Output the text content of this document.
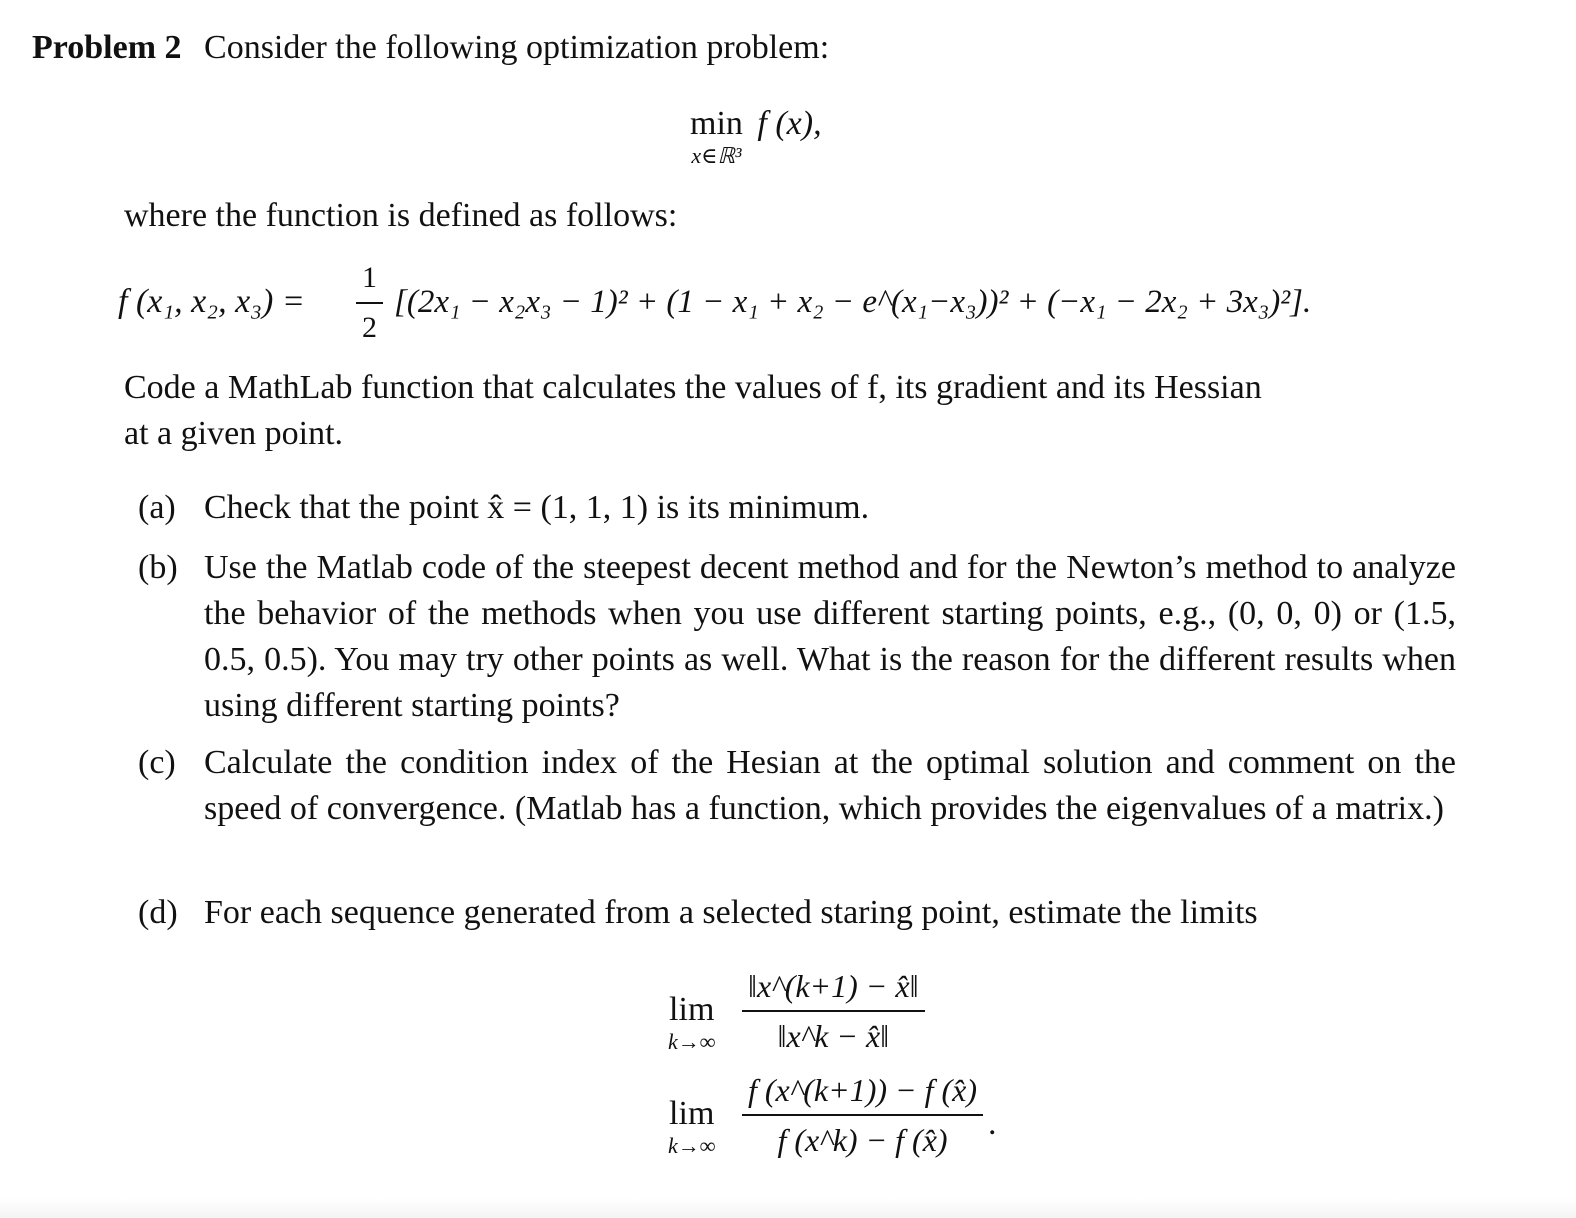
Problem 2 Consider the following optimization problem:
min
x∈ℝ³
f (x),
where the function is defined as follows:
f (x₁, x₂, $x_3) = \frac{1}{2} [(2x_1 - x_2x_3 - 1)^2 + (1 - x_1 + x_2$ − e^(x₁−x₃))² + (−x₁ − 2x₂ + 3x₃)²].
Code a MathLab function that calculates the values of f, its gradient and its Hessian
at a given point.
(a) Check that the point x̂ = (1, 1, 1) is its minimum.
(b) Use the Matlab code of the steepest decent method and for the Newton’s method to analyze the behavior of the methods when you use different starting points, e.g., (0, 0, 0) or (1.5, 0.5, 0.5). You may try other points as well. What is the reason for the different results when using different starting points?
(c) Calculate the condition index of the Hesian at the optimal solution and comment on the speed of convergence. (Matlab has a function, which provides the eigenvalues of a matrix.)
(d) For each sequence generated from a selected staring point, estimate the limits
lim
$k\to\infty \frac{‖x\^{}(k+1) - x̂‖}{‖x\^{}k - x̂‖}$
lim
$k\to\infty \frac{f (x\^{}(k+1)) - f (x̂)}{f (x\^{}k) - f (x̂)}$ .
